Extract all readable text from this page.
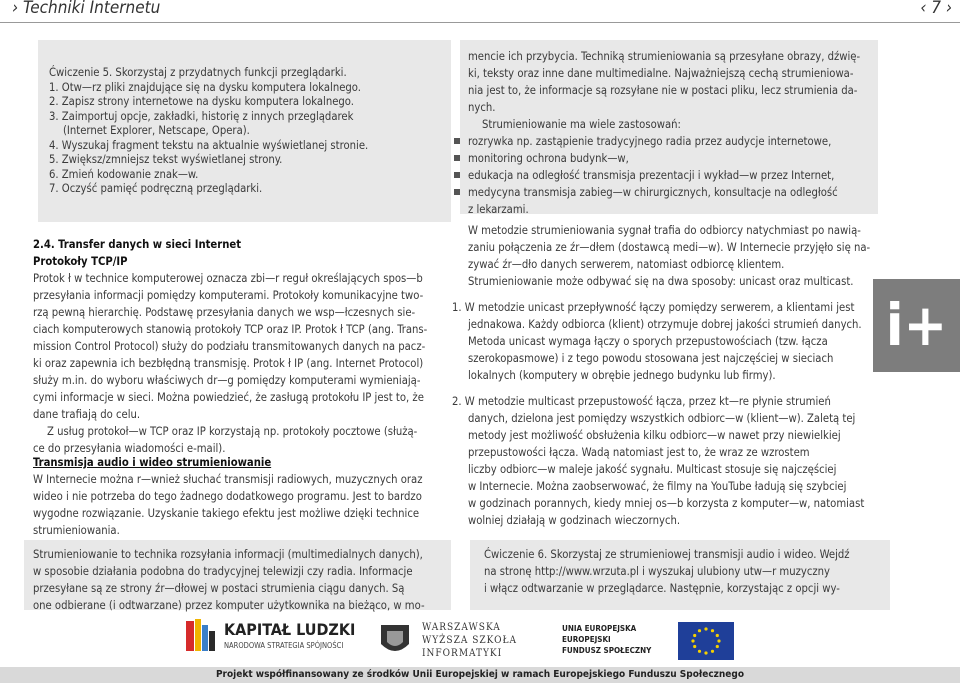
› Techniki Internetu	‹ 7 ›
Ćwiczenie 5. Skorzystaj z przydatnych funkcji przeglądarki.
1. Otw—rz pliki znajdujące się na dysku komputera lokalnego.
2. Zapisz strony internetowe na dysku komputera lokalnego.
3. Zaimportuj opcje, zakładki, historię z innych przeglądarek
(Internet Explorer, Netscape, Opera).
4. Wyszukaj fragment tekstu na aktualnie wyświetlanej stronie.
5. Zwiększ/zmniejsz tekst wyświetlanej strony.
6. Zmień kodowanie znak—w.
7. Oczyść pamięć podręczną przeglądarki.
2.4. Transfer danych w sieci Internet
Protokoły TCP/IP
Protok ł w technice komputerowej oznacza zbi—r reguł określających spos—b
przesyłania informacji pomiędzy komputerami. Protokoły komunikacyjne two-
rzą pewną hierarchię. Podstawę przesyłania danych we wsp—łczesnych sie-
ciach komputerowych stanowią protokoły TCP oraz IP. Protok ł TCP (ang. Trans-
mission Control Protocol) służy do podziału transmitowanych danych na pacz-
ki oraz zapewnia ich bezbłędną transmisję. Protok ł IP (ang. Internet Protocol)
służy m.in. do wyboru właściwych dr—g pomiędzy komputerami wymieniają-
cymi informacje w sieci. Można powiedzieć, że zasługą protokołu IP jest to, że
dane trafiają do celu.
Z usług protokoł—w TCP oraz IP korzystają np. protokoły pocztowe (służą-
ce do przesyłania wiadomości e-mail).
Transmisja audio i wideo strumieniowanie
W Internecie można r—wnież słuchać transmisji radiowych, muzycznych oraz
wideo i nie potrzeba do tego żadnego dodatkowego programu. Jest to bardzo
wygodne rozwiązanie. Uzyskanie takiego efektu jest możliwe dzięki technice
strumieniowania.
Strumieniowanie to technika rozsyłania informacji (multimedialnych danych),
w sposobie działania podobna do tradycyjnej telewizji czy radia. Informacje
przesyłane są ze strony źr—dłowej w postaci strumienia ciągu danych. Są
one odbierane (i odtwarzane) przez komputer użytkownika na bieżąco, w mo-
mencie ich przybycia. Techniką strumieniowania są przesyłane obrazy, dźwię-
ki, teksty oraz inne dane multimedialne. Najważniejszą cechą strumieniowa-
nia jest to, że informacje są rozsyłane nie w postaci pliku, lecz strumienia da-
nych.
Strumieniowanie ma wiele zastosowań:
rozrywka np. zastąpienie tradycyjnego radia przez audycje internetowe,
monitoring ochrona budynk—w,
edukacja na odległość transmisja prezentacji i wykład—w przez Internet,
medycyna transmisja zabieg—w chirurgicznych, konsultacje na odległość
z lekarzami.
W metodzie strumieniowania sygnał trafia do odbiorcy natychmiast po nawią-
zaniu połączenia ze źr—dłem (dostawcą medi—w). W Internecie przyjęło się na-
zywać źr—dło danych serwerem, natomiast odbiorcę klientem.
Strumieniowanie może odbywać się na dwa sposoby: unicast oraz multicast.
1. W metodzie unicast przepływność łączy pomiędzy serwerem, a klientami jest
jednakowa. Każdy odbiorca (klient) otrzymuje dobrej jakości strumień danych.
Metoda unicast wymaga łączy o sporych przepustowościach (tzw. łącza
szerokopasmowe) i z tego powodu stosowana jest najczęściej w sieciach
lokalnych (komputery w obrębie jednego budynku lub firmy).
2. W metodzie multicast przepustowość łącza, przez kt—re płynie strumień
danych, dzielona jest pomiędzy wszystkich odbiorc—w (klient—w). Zaletą tej
metody jest możliwość obsłużenia kilku odbiorc—w nawet przy niewielkiej
przepustowości łącza. Wadą natomiast jest to, że wraz ze wzrostem
liczby odbiorc—w maleje jakość sygnału. Multicast stosuje się najczęściej
w Internecie. Można zaobserwować, że filmy na YouTube ładują się szybciej
w godzinach porannych, kiedy mniej os—b korzysta z komputer—w, natomiast
wolniej działają w godzinach wieczornych.
Ćwiczenie 6. Skorzystaj ze strumieniowej transmisji audio i wideo. Wejdź
na stronę http://www.wrzuta.pl i wyszukaj ulubiony utw—r muzyczny
i włącz odtwarzanie w przeglądarce. Następnie, korzystając z opcji wy-
i+
KAPITAŁ LUDZKI
NARODOWA STRATEGIA SPÓJNOŚCI
WARSZAWSKA
WYŻSZA SZKOŁA
INFORMATYKI
UNIA EUROPEJSKA
EUROPEJSKI
FUNDUSZ SPOŁECZNY
Projekt współfinansowany ze środków Unii Europejskiej w ramach Europejskiego Funduszu Społecznego
